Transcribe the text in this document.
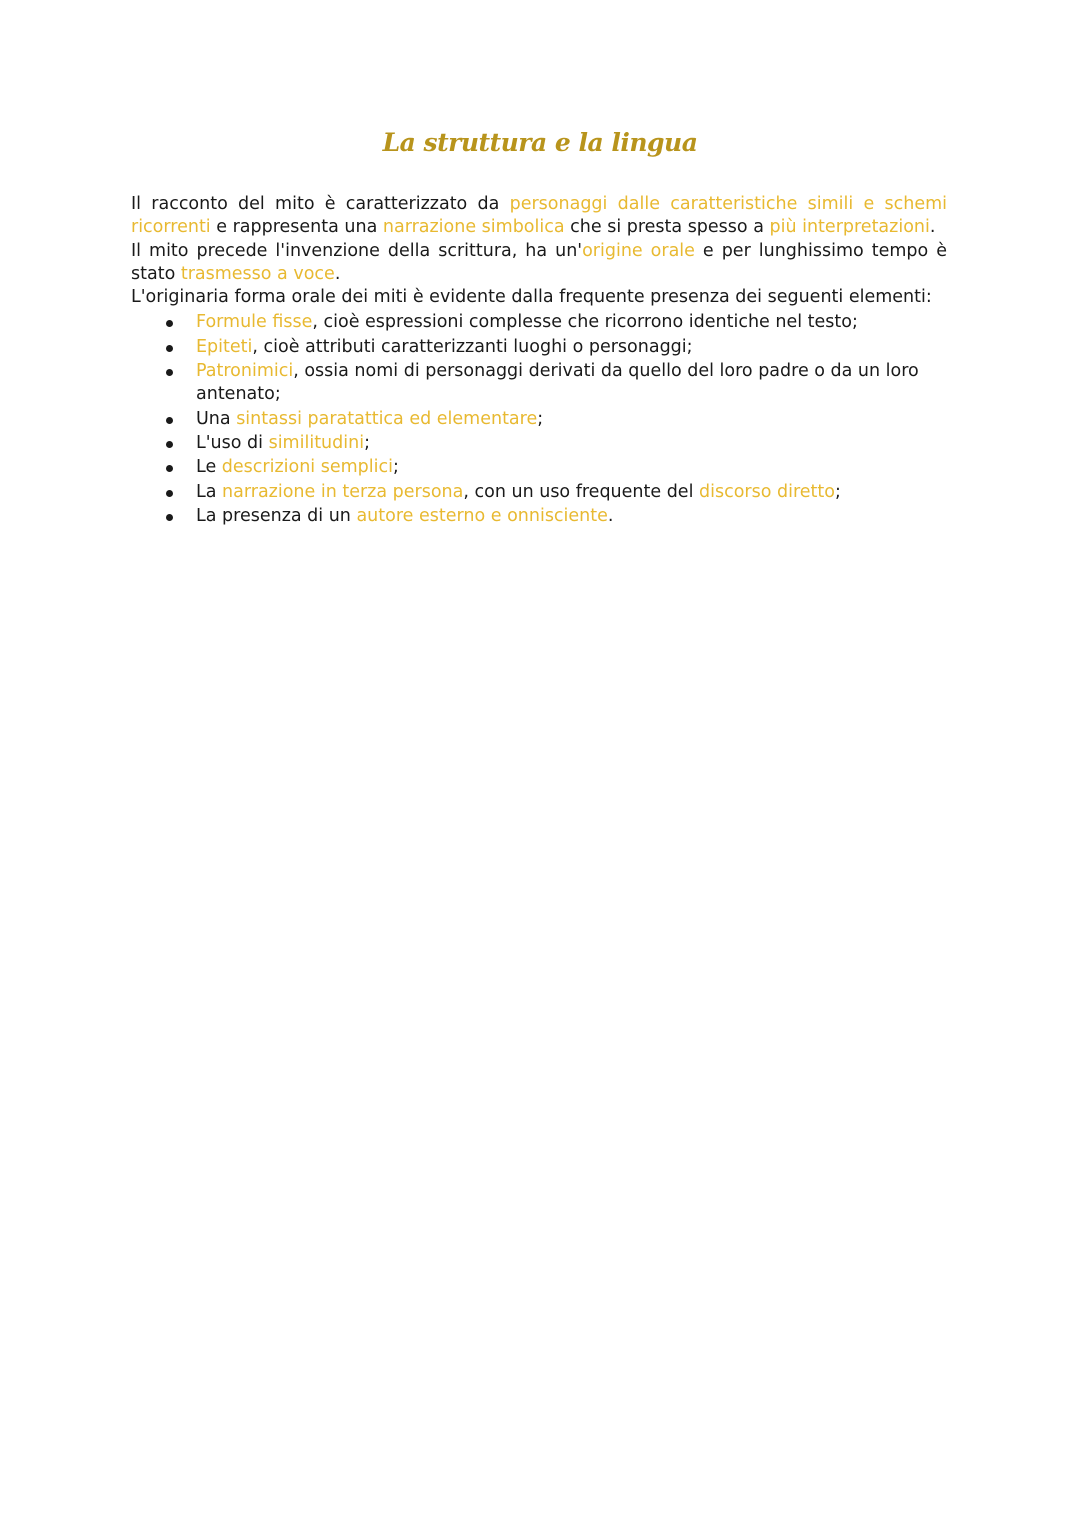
La struttura e la lingua

Il racconto del mito è caratterizzato da personaggi dalle caratteristiche simili e schemi ricorrenti e rappresenta una narrazione simbolica che si presta spesso a più interpretazioni.

Il mito precede l'invenzione della scrittura, ha un'origine orale e per lunghissimo tempo è stato trasmesso a voce.

L'originaria forma orale dei miti è evidente dalla frequente presenza dei seguenti elementi:

Formule fisse, cioè espressioni complesse che ricorrono identiche nel testo;
Epiteti, cioè attributi caratterizzanti luoghi o personaggi;
Patronimici, ossia nomi di personaggi derivati da quello del loro padre o da un loro antenato;
Una sintassi paratattica ed elementare;
L'uso di similitudini;
Le descrizioni semplici;
La narrazione in terza persona, con un uso frequente del discorso diretto;
La presenza di un autore esterno e onnisciente.
